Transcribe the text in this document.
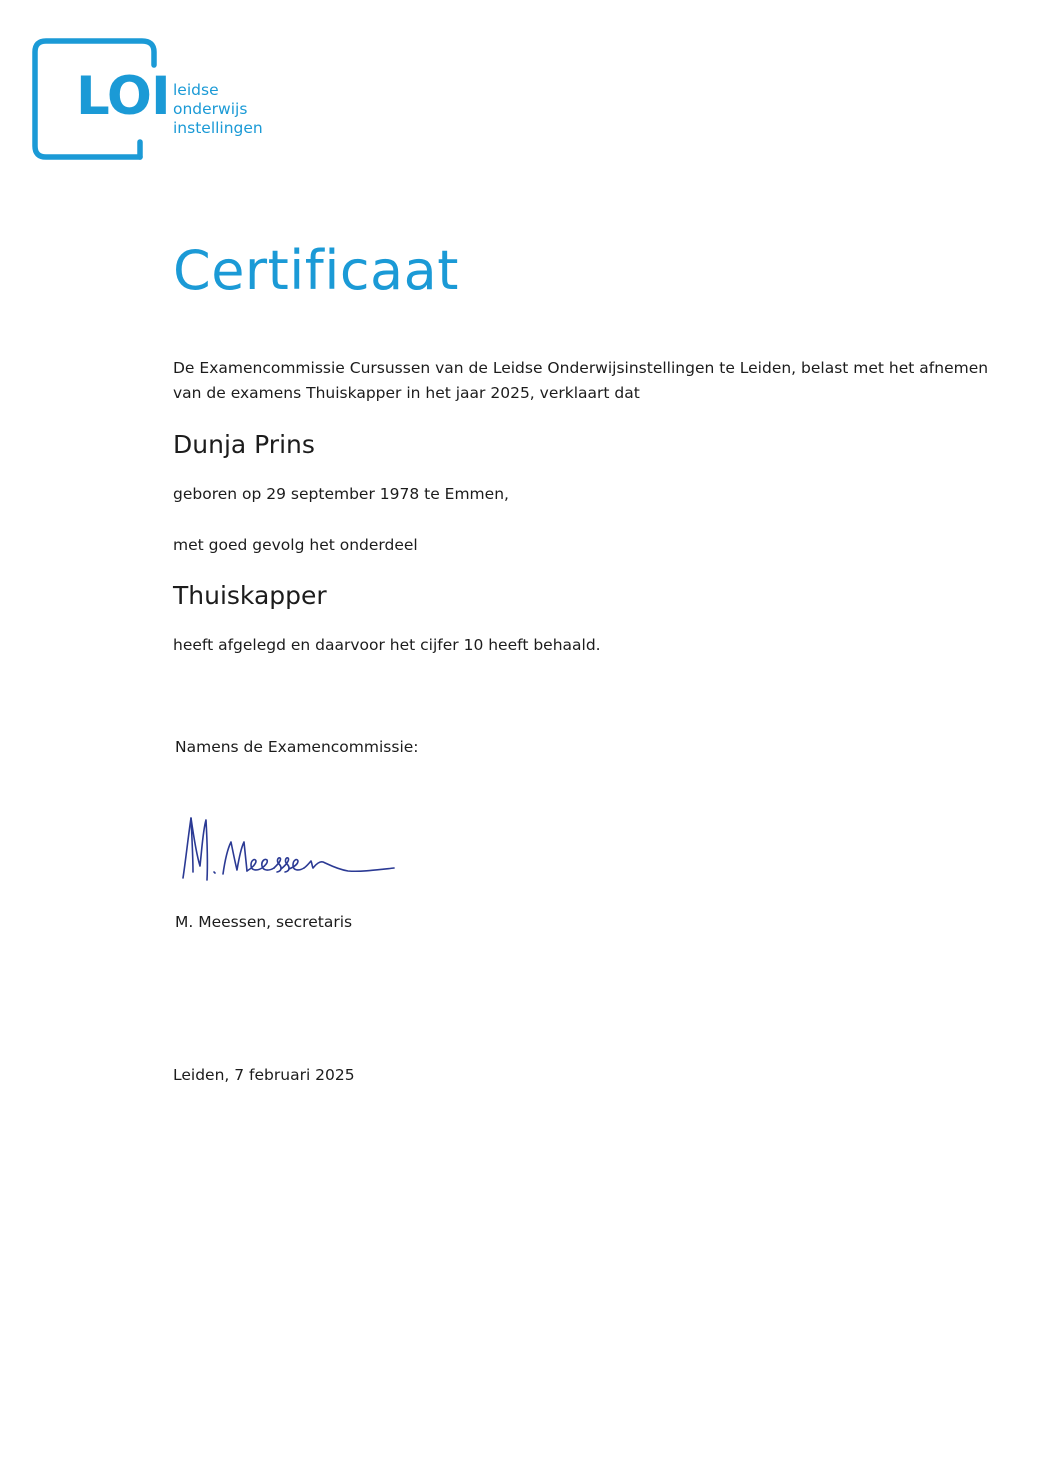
LOI leidse
onderwijs
instellingen
Certificaat
De Examencommissie Cursussen van de Leidse Onderwijsinstellingen te Leiden, belast met het afnemen
van de examens Thuiskapper in het jaar 2025, verklaart dat
Dunja Prins
geboren op 29 september 1978 te Emmen,
met goed gevolg het onderdeel
Thuiskapper
heeft afgelegd en daarvoor het cijfer 10 heeft behaald.
Namens de Examencommissie:
M. Meessen, secretaris
Leiden, 7 februari 2025
